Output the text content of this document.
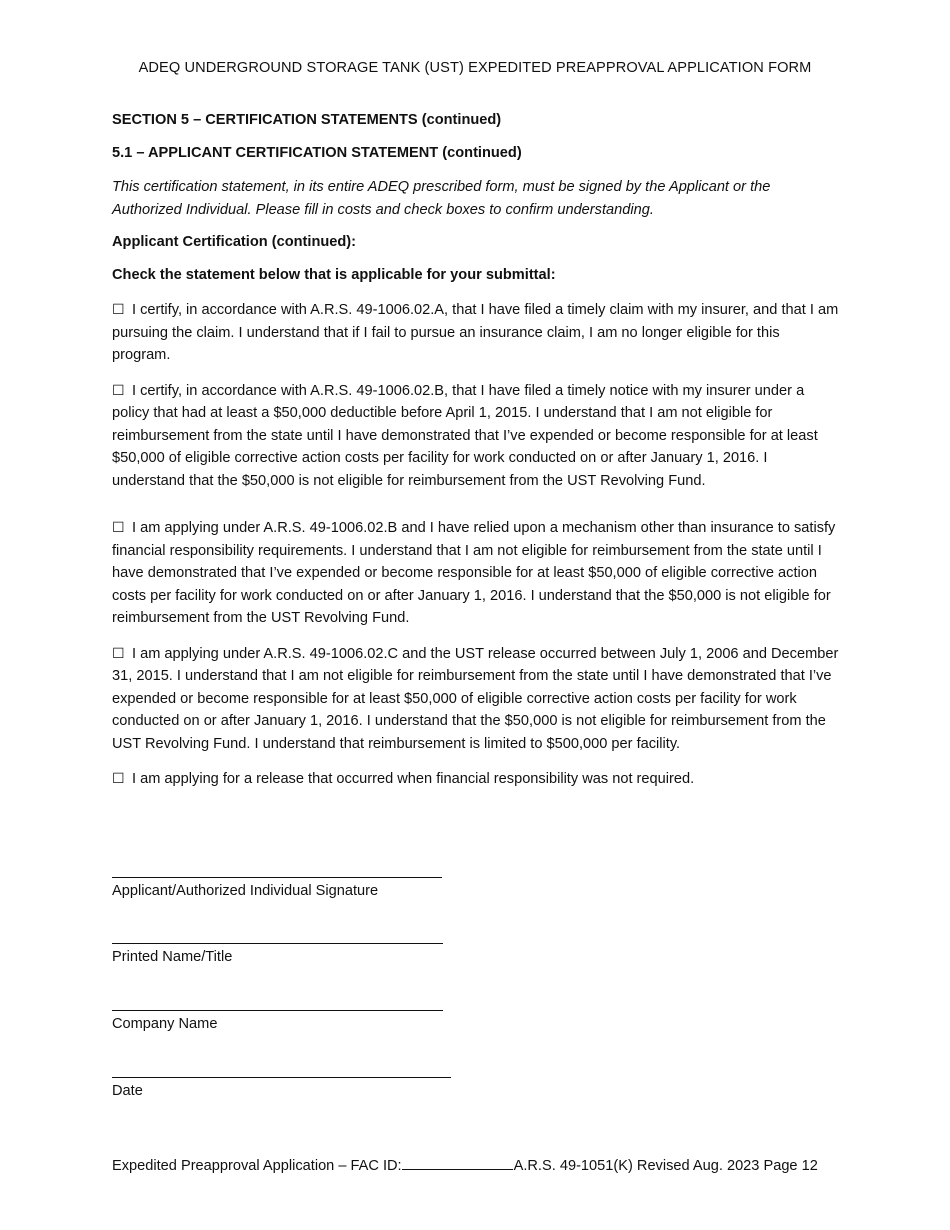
ADEQ UNDERGROUND STORAGE TANK (UST) EXPEDITED PREAPPROVAL APPLICATION FORM
SECTION 5 – CERTIFICATION STATEMENTS (continued)
5.1 – APPLICANT CERTIFICATION STATEMENT (continued)
This certification statement, in its entire ADEQ prescribed form, must be signed by the Applicant or the Authorized Individual. Please fill in costs and check boxes to confirm understanding.
Applicant Certification (continued):
Check the statement below that is applicable for your submittal:
☐ I certify, in accordance with A.R.S. 49-1006.02.A, that I have filed a timely claim with my insurer, and that I am pursuing the claim. I understand that if I fail to pursue an insurance claim, I am no longer eligible for this program.
☐ I certify, in accordance with A.R.S. 49-1006.02.B, that I have filed a timely notice with my insurer under a policy that had at least a $50,000 deductible before April 1, 2015. I understand that I am not eligible for reimbursement from the state until I have demonstrated that I’ve expended or become responsible for at least $50,000 of eligible corrective action costs per facility for work conducted on or after January 1, 2016. I understand that the $50,000 is not eligible for reimbursement from the UST Revolving Fund.
☐ I am applying under A.R.S. 49-1006.02.B and I have relied upon a mechanism other than insurance to satisfy financial responsibility requirements. I understand that I am not eligible for reimbursement from the state until I have demonstrated that I’ve expended or become responsible for at least $50,000 of eligible corrective action costs per facility for work conducted on or after January 1, 2016. I understand that the $50,000 is not eligible for reimbursement from the UST Revolving Fund.
☐ I am applying under A.R.S. 49-1006.02.C and the UST release occurred between July 1, 2006 and December 31, 2015. I understand that I am not eligible for reimbursement from the state until I have demonstrated that I’ve expended or become responsible for at least $50,000 of eligible corrective action costs per facility for work conducted on or after January 1, 2016. I understand that the $50,000 is not eligible for reimbursement from the UST Revolving Fund. I understand that reimbursement is limited to $500,000 per facility.
☐ I am applying for a release that occurred when financial responsibility was not required.
Applicant/Authorized Individual Signature
Printed Name/Title
Company Name
Date
Expedited Preapproval Application – FAC ID:	A.R.S. 49-1051(K) Revised Aug. 2023 Page 12
